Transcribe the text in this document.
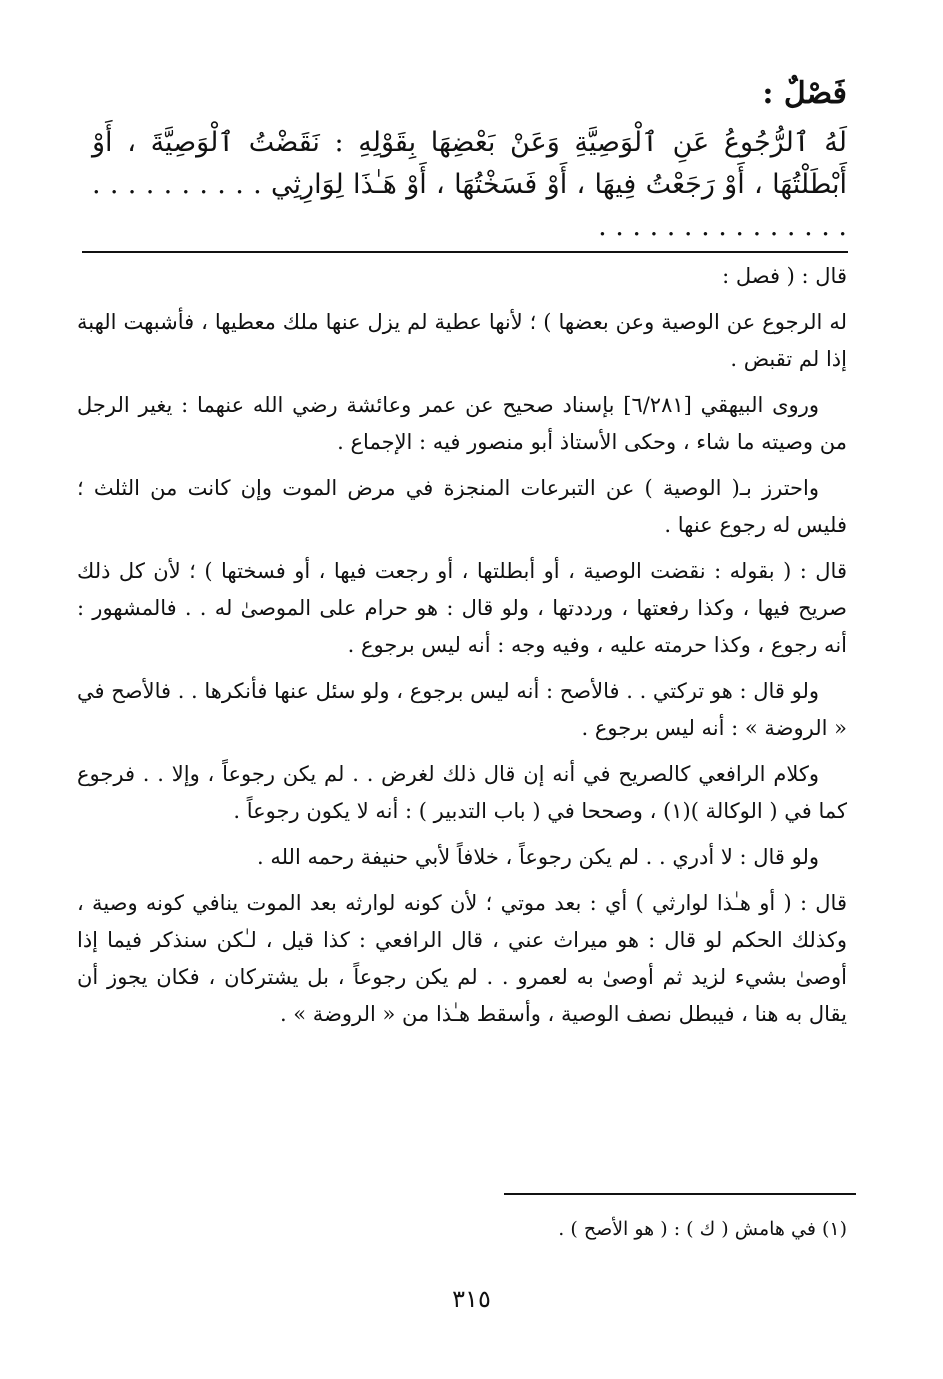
فَصْلٌ :
لَهُ ٱلرُّجُوعُ عَنِ ٱلْوَصِيَّةِ وَعَنْ بَعْضِهَا بِقَوْلِهِ : نَقَضْتُ ٱلْوَصِيَّةَ ، أَوْ أَبْطَلْتُهَا ، أَوْ رَجَعْتُ فِيهَا ، أَوْ فَسَخْتُهَا ، أَوْ هَـٰذَا لِوَارِثِي . . . . . . . . . . . . . . . . . . . . . . . . .

قال : ( فصل :

له الرجوع عن الوصية وعن بعضها ) ؛ لأنها عطية لم يزل عنها ملك معطيها ، فأشبهت الهبة إذا لم تقبض .

وروى البيهقي [٦/٢٨١] بإسناد صحيح عن عمر وعائشة رضي الله عنهما : يغير الرجل من وصيته ما شاء ، وحكى الأستاذ أبو منصور فيه : الإجماع .

واحترز بـ( الوصية ) عن التبرعات المنجزة في مرض الموت وإن كانت من الثلث ؛ فليس له رجوع عنها .

قال : ( بقوله : نقضت الوصية ، أو أبطلتها ، أو رجعت فيها ، أو فسختها ) ؛ لأن كل ذلك صريح فيها ، وكذا رفعتها ، ورددتها ، ولو قال : هو حرام على الموصىٰ له . . فالمشهور : أنه رجوع ، وكذا حرمته عليه ، وفيه وجه : أنه ليس برجوع .

ولو قال : هو تركتي . . فالأصح : أنه ليس برجوع ، ولو سئل عنها فأنكرها . . فالأصح في « الروضة » : أنه ليس برجوع .

وكلام الرافعي كالصريح في أنه إن قال ذلك لغرض . . لم يكن رجوعاً ، وإلا . . فرجوع كما في ( الوكالة )(١) ، وصححا في ( باب التدبير ) : أنه لا يكون رجوعاً .

ولو قال : لا أدري . . لم يكن رجوعاً ، خلافاً لأبي حنيفة رحمه الله .

قال : ( أو هـٰذا لوارثي ) أي : بعد موتي ؛ لأن كونه لوارثه بعد الموت ينافي كونه وصية ، وكذلك الحكم لو قال : هو ميراث عني ، قال الرافعي : كذا قيل ، لـٰكن سنذكر فيما إذا أوصىٰ بشيء لزيد ثم أوصىٰ به لعمرو . . لم يكن رجوعاً ، بل يشتركان ، فكان يجوز أن يقال به هنا ، فيبطل نصف الوصية ، وأسقط هـٰذا من « الروضة » .

(١) في هامش ( ك ) : ( هو الأصح ) .
٣١٥
